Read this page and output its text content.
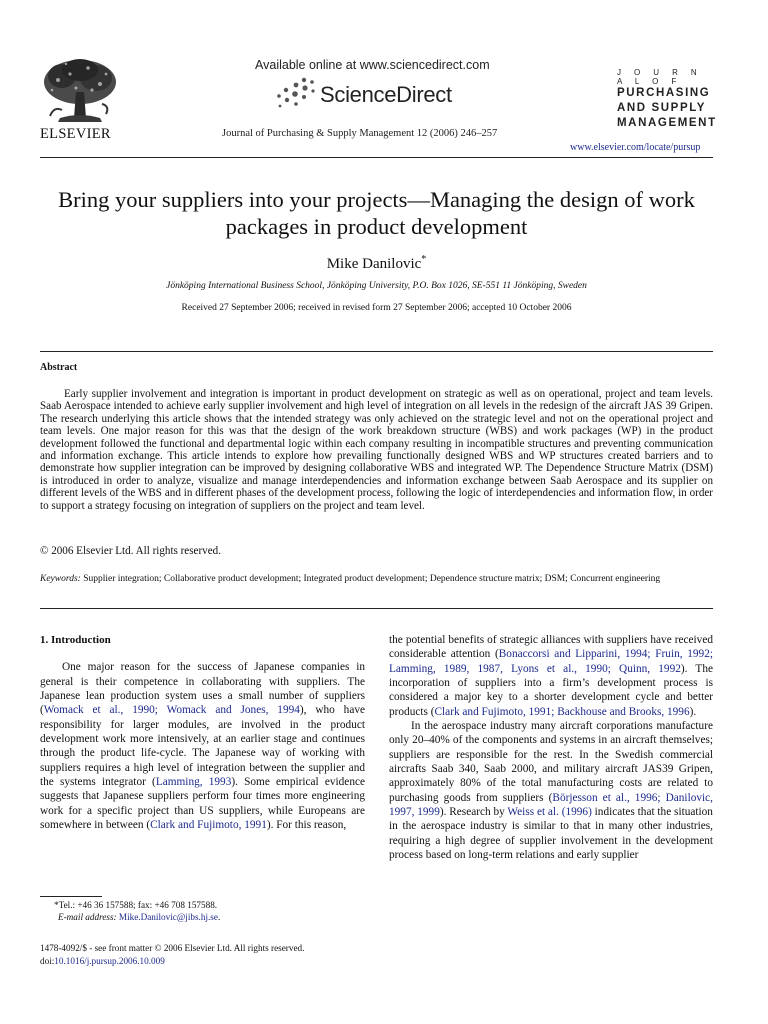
ELSEVIER
Available online at www.sciencedirect.com
ScienceDirect
Journal of Purchasing & Supply Management 12 (2006) 246–257
J O U R N A L O F
PURCHASING
AND SUPPLY
MANAGEMENT
www.elsevier.com/locate/pursup
Bring your suppliers into your projects—Managing the design of work
packages in product development
Mike Danilovic*
Jönköping International Business School, Jönköping University, P.O. Box 1026, SE-551 11 Jönköping, Sweden
Received 27 September 2006; received in revised form 27 September 2006; accepted 10 October 2006
Abstract

Early supplier involvement and integration is important in product development on strategic as well as on operational, project and team levels. Saab Aerospace intended to achieve early supplier involvement and high level of integration on all levels in the redesign of the aircraft JAS 39 Gripen. The research underlying this article shows that the intended strategy was only achieved on the strategic level and not on the operational project and team levels. One major reason for this was that the design of the work breakdown structure (WBS) and work packages (WP) in the product development followed the functional and departmental logic within each company resulting in incompatible structures and preventing communication and information exchange. This article intends to explore how prevailing functionally designed WBS and WP structures created barriers and to demonstrate how supplier integration can be improved by designing collaborative WBS and integrated WP. The Dependence Structure Matrix (DSM) is introduced in order to analyze, visualize and manage interdependencies and information exchange between Saab Aerospace and its supplier on different levels of the WBS and in different phases of the development process, following the logic of interdependencies and information flow, in order to support a strategy focusing on integration of suppliers on the project and team level.

© 2006 Elsevier Ltd. All rights reserved.
Keywords: Supplier integration; Collaborative product development; Integrated product development; Dependence structure matrix; DSM; Concurrent engineering

1. Introduction

One major reason for the success of Japanese companies in general is their competence in collaborating with suppliers. The Japanese lean production system uses a small number of suppliers (Womack et al., 1990; Womack and Jones, 1994), who have responsibility for larger modules, are involved in the product development work more intensively, at an earlier stage and continues through the product life-cycle. The Japanese way of working with suppliers requires a high level of integration between the supplier and the systems integrator (Lamming, 1993). Some empirical evidence suggests that Japanese suppliers perform four times more engineering work for a specific project than US suppliers, while Europeans are somewhere in between (Clark and Fujimoto, 1991). For this reason,

*Tel.: +46 36 157588; fax: +46 708 157588.
E-mail address: Mike.Danilovic@jibs.hj.se.
1478-4092/$ - see front matter © 2006 Elsevier Ltd. All rights reserved.
doi:10.1016/j.pursup.2006.10.009

the potential benefits of strategic alliances with suppliers have received considerable attention (Bonaccorsi and Lipparini, 1994; Fruin, 1992; Lamming, 1989, 1987, Lyons et al., 1990; Quinn, 1992). The incorporation of suppliers into a firm’s development process is considered a major key to a shorter development cycle and better products (Clark and Fujimoto, 1991; Backhouse and Brooks, 1996).

In the aerospace industry many aircraft corporations manufacture only 20–40% of the components and systems in an aircraft themselves; suppliers are responsible for the rest. In the Swedish commercial aircrafts Saab 340, Saab 2000, and military aircraft JAS39 Gripen, approximately 80% of the total manufacturing costs are related to purchasing goods from suppliers (Börjesson et al., 1996; Danilovic, 1997, 1999). Research by Weiss et al. (1996) indicates that the situation in the aerospace industry is similar to that in many other industries, requiring a high degree of supplier involvement in the development process based on long-term relations and early supplier
